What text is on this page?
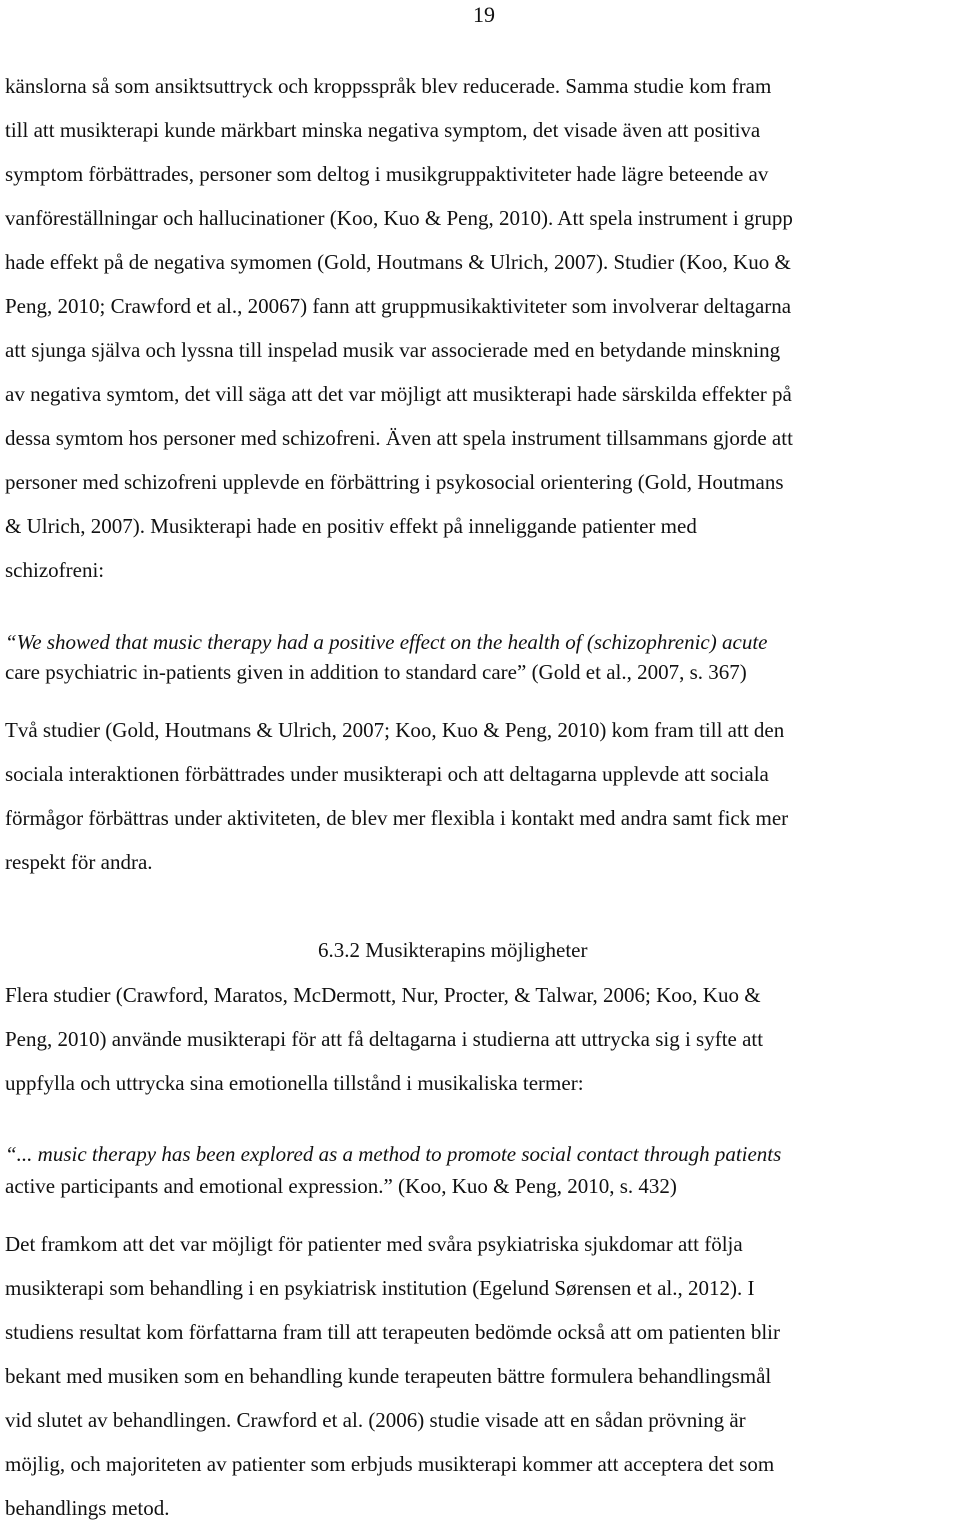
19
känslorna så som ansiktsuttryck och kroppsspråk blev reducerade. Samma studie kom fram
till att musikterapi kunde märkbart minska negativa symptom, det visade även att positiva
symptom förbättrades, personer som deltog i musikgruppaktiviteter hade lägre beteende av
vanföreställningar och hallucinationer (Koo, Kuo & Peng, 2010). Att spela instrument i grupp
hade effekt på de negativa symomen (Gold, Houtmans & Ulrich, 2007). Studier (Koo, Kuo &
Peng, 2010; Crawford et al., 20067) fann att gruppmusikaktiviteter som involverar deltagarna
att sjunga själva och lyssna till inspelad musik var associerade med en betydande minskning
av negativa symtom, det vill säga att det var möjligt att musikterapi hade särskilda effekter på
dessa symtom hos personer med schizofreni. Även att spela instrument tillsammans gjorde att
personer med schizofreni upplevde en förbättring i psykosocial orientering (Gold, Houtmans
& Ulrich, 2007). Musikterapi hade en positiv effekt på inneliggande patienter med
schizofreni:
“We showed that music therapy had a positive effect on the health of (schizophrenic) acute
care psychiatric in-patients given in addition to standard care” (Gold et al., 2007, s. 367)
Två studier (Gold, Houtmans & Ulrich, 2007; Koo, Kuo & Peng, 2010) kom fram till att den
sociala interaktionen förbättrades under musikterapi och att deltagarna upplevde att sociala
förmågor förbättras under aktiviteten, de blev mer flexibla i kontakt med andra samt fick mer
respekt för andra.
6.3.2 Musikterapins möjligheter
Flera studier (Crawford, Maratos, McDermott, Nur, Procter, & Talwar, 2006; Koo, Kuo &
Peng, 2010) använde musikterapi för att få deltagarna i studierna att uttrycka sig i syfte att
uppfylla och uttrycka sina emotionella tillstånd i musikaliska termer:
“... music therapy has been explored as a method to promote social contact through patients
active participants and emotional expression.” (Koo, Kuo & Peng, 2010, s. 432)
Det framkom att det var möjligt för patienter med svåra psykiatriska sjukdomar att följa
musikterapi som behandling i en psykiatrisk institution (Egelund Sørensen et al., 2012). I
studiens resultat kom författarna fram till att terapeuten bedömde också att om patienten blir
bekant med musiken som en behandling kunde terapeuten bättre formulera behandlingsmål
vid slutet av behandlingen. Crawford et al. (2006) studie visade att en sådan prövning är
möjlig, och majoriteten av patienter som erbjuds musikterapi kommer att acceptera det som
behandlings metod.
